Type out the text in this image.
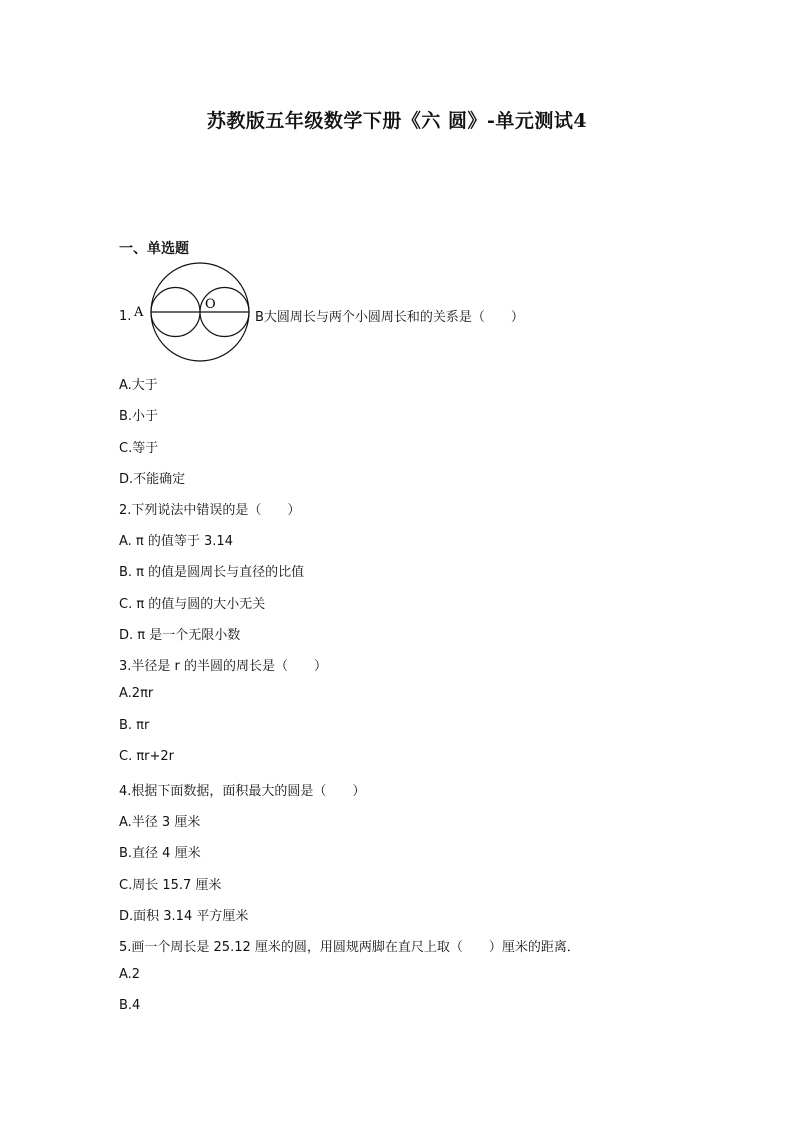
苏教版五年级数学下册《六 圆》-单元测试4
一、单选题
1. A
O
B大圆周长与两个小圆周长和的关系是（　　）
A.大于
B.小于
C.等于
D.不能确定
2.下列说法中错误的是（　　）
A. π 的值等于 3.14
B. π 的值是圆周长与直径的比值
C. π 的值与圆的大小无关
D. π 是一个无限小数
3.半径是 r 的半圆的周长是（　　）
A.2πr
B. πr
C. πr+2r
4.根据下面数据，面积最大的圆是（　　）
A.半径 3 厘米
B.直径 4 厘米
C.周长 15.7 厘米
D.面积 3.14 平方厘米
5.画一个周长是 25.12 厘米的圆，用圆规两脚在直尺上取（　　）厘米的距离．
A.2
B.4
